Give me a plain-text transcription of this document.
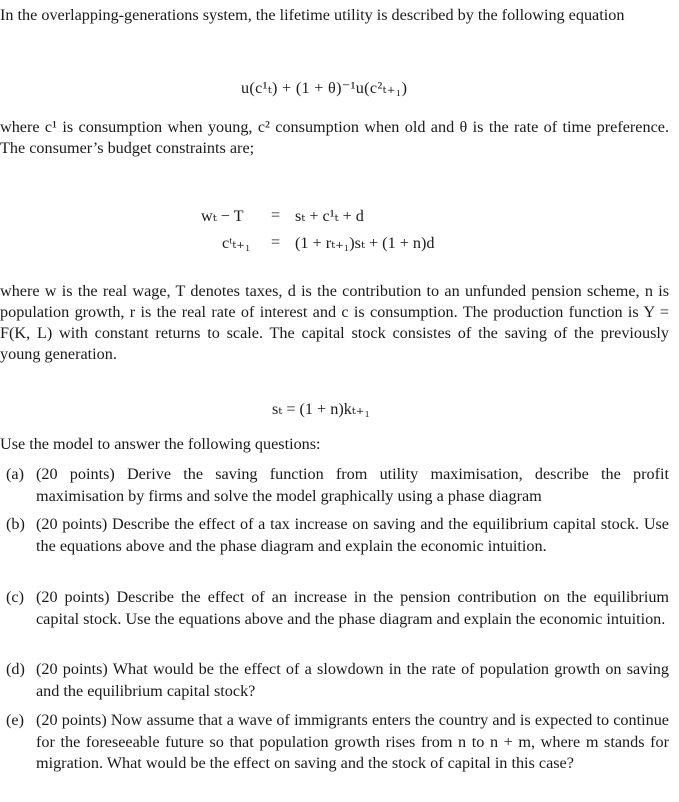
In the overlapping-generations system, the lifetime utility is described by the following equation
u(c¹ₜ) + (1 + θ)⁻¹u(c²ₜ₊₁)
where c¹ is consumption when young, c² consumption when old and θ is the rate of time preference. The consumer’s budget constraints are;
wₜ − T = sₜ + c¹ₜ + d
cᵗₜ₊₁ = (1 + rₜ₊₁)sₜ + (1 + n)d
where w is the real wage, T denotes taxes, d is the contribution to an unfunded pension scheme, n is population growth, r is the real rate of interest and c is consumption. The production function is Y = F(K, L) with constant returns to scale. The capital stock consistes of the saving of the previously young generation.
sₜ = (1 + n)kₜ₊₁
Use the model to answer the following questions:
(a) (20 points) Derive the saving function from utility maximisation, describe the profit maximisation by firms and solve the model graphically using a phase diagram
(b) (20 points) Describe the effect of a tax increase on saving and the equilibrium capital stock. Use the equations above and the phase diagram and explain the economic intuition.
(c) (20 points) Describe the effect of an increase in the pension contribution on the equilibrium capital stock. Use the equations above and the phase diagram and explain the economic intuition.
(d) (20 points) What would be the effect of a slowdown in the rate of population growth on saving and the equilibrium capital stock?
(e) (20 points) Now assume that a wave of immigrants enters the country and is expected to continue for the foreseeable future so that population growth rises from n to n + m, where m stands for migration. What would be the effect on saving and the stock of capital in this case?
